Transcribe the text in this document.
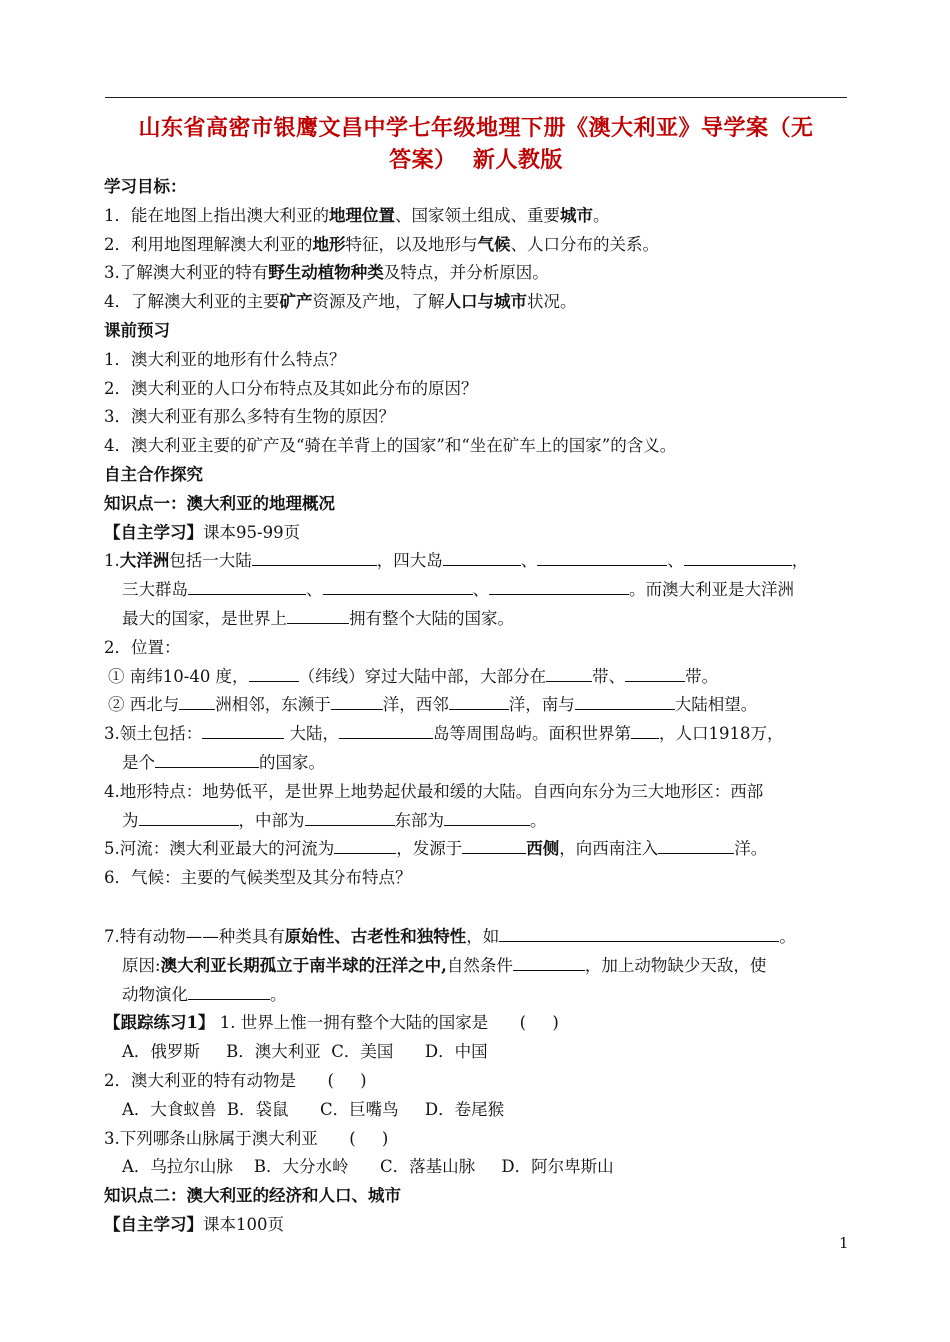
山东省高密市银鹰文昌中学七年级地理下册《澳大利亚》导学案（无
答案）  新人教版
学习目标：
1．能在地图上指出澳大利亚的地理位置、国家领土组成、重要城市。
2．利用地图理解澳大利亚的地形特征，以及地形与气候、人口分布的关系。
3.了解澳大利亚的特有野生动植物种类及特点，并分析原因。
4．了解澳大利亚的主要矿产资源及产地，了解人口与城市状况。
课前预习
1．澳大利亚的地形有什么特点？
2．澳大利亚的人口分布特点及其如此分布的原因？
3．澳大利亚有那么多特有生物的原因？
4．澳大利亚主要的矿产及“骑在羊背上的国家”和“坐在矿车上的国家”的含义。
自主合作探究
知识点一：澳大利亚的地理概况
【自主学习】课本95-99页
1.大洋洲包括一大陆	，四大岛	、	、	，
三大群岛	、	、	。而澳大利亚是大洋洲
最大的国家，是世界上	拥有整个大陆的国家。
2．位置：
① 南纬10-40 度，	（纬线）穿过大陆中部，大部分在	带、	带。
② 西北与 洲相邻，东濒于	洋，西邻	洋，南与	大陆相望。
3.领土包括：	大陆，	岛等周围岛屿。面积世界第 ，人口1918万，
是个	的国家。
4.地形特点：地势低平，是世界上地势起伏最和缓的大陆。自西向东分为三大地形区：西部
为	，中部为	东部为	。
5.河流：澳大利亚最大的河流为	，发源于	西侧，向西南注入	洋。
6．气候：主要的气候类型及其分布特点？
7.特有动物——种类具有原始性、古老性和独特性，如	。
原因:澳大利亚长期孤立于南半球的汪洋之中,自然条件	，加上动物缺少天敌，使
动物演化	。
【跟踪练习1】 1. 世界上惟一拥有整个大陆的国家是      (     )
A．俄罗斯     B．澳大利亚  C．美国      D．中国
2．澳大利亚的特有动物是      (     )
A．大食蚁兽  B．袋鼠      C．巨嘴鸟     D．卷尾猴
3.下列哪条山脉属于澳大利亚      (     )
A．乌拉尔山脉    B．大分水岭      C．落基山脉     D．阿尔卑斯山
知识点二：澳大利亚的经济和人口、城市
【自主学习】课本100页
1
